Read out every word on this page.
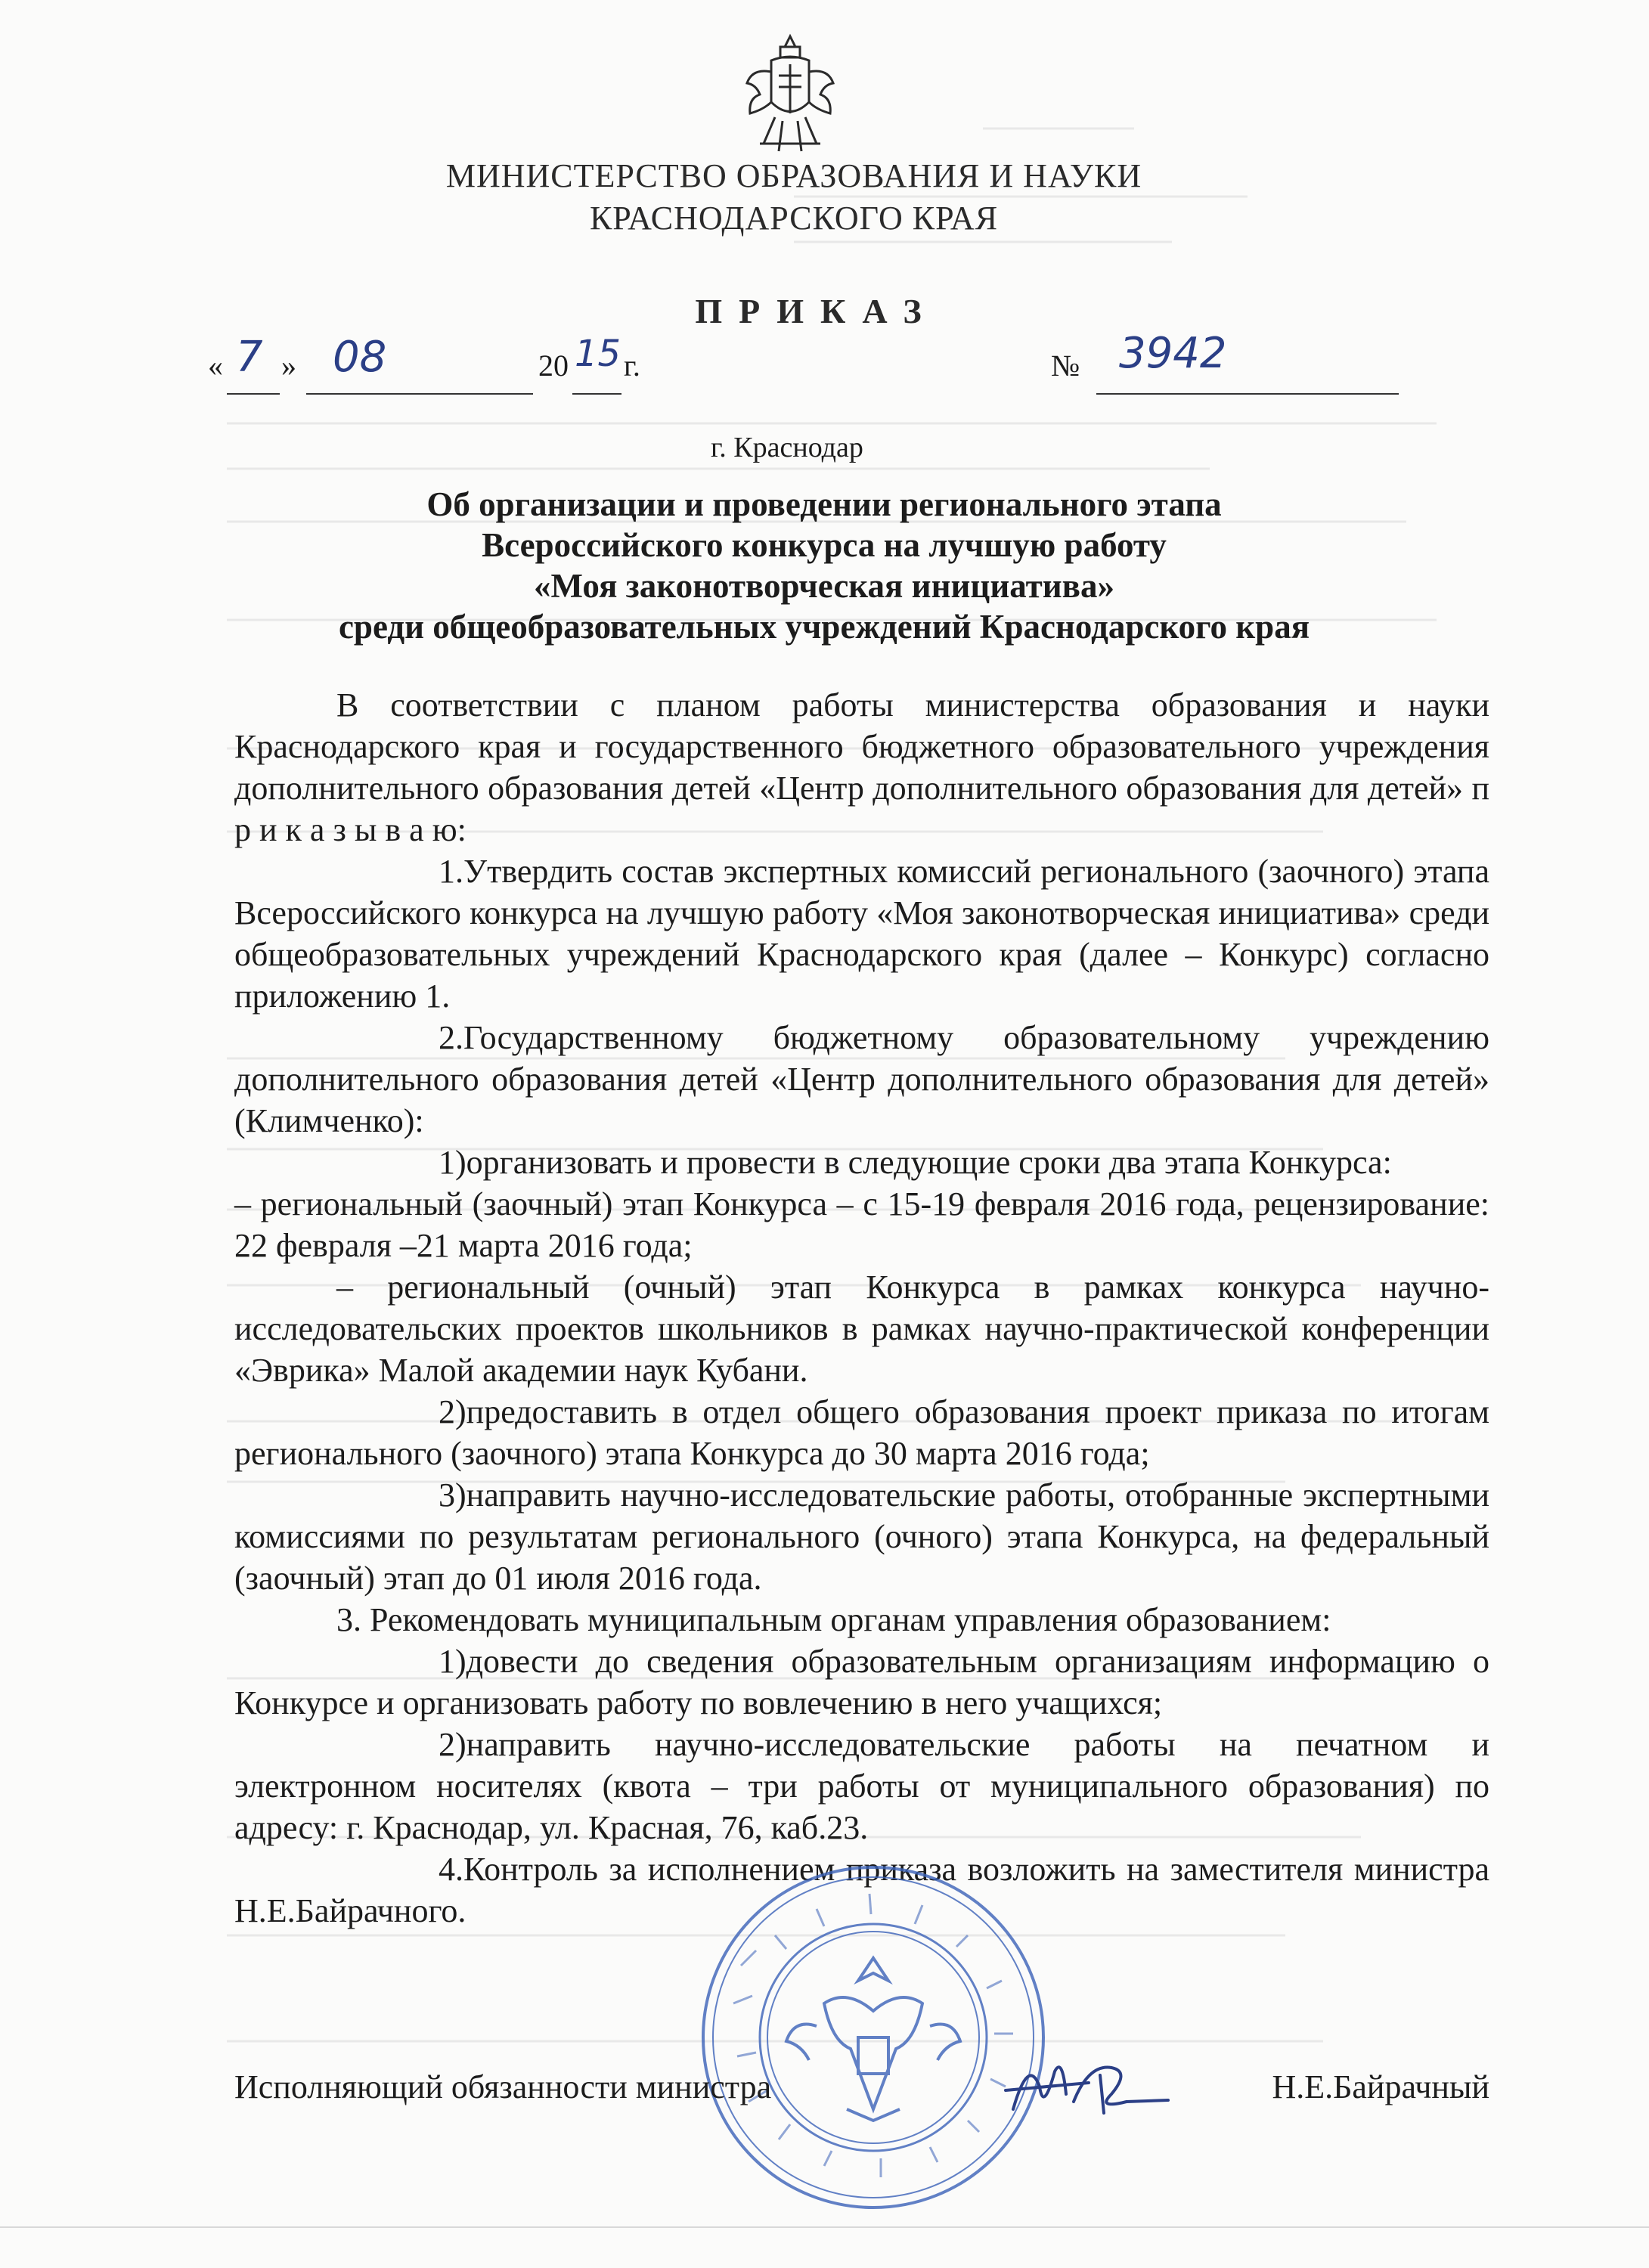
МИНИСТЕРСТВО ОБРАЗОВАНИЯ И НАУКИ
КРАСНОДАРСКОГО КРАЯ
ПРИКАЗ
« 7 » 08	20 15 г.	№ 3942
г. Краснодар
Об организации и проведении регионального этапа
Всероссийского конкурса на лучшую работу
«Моя законотворческая инициатива»
среди общеобразовательных учреждений Краснодарского края

В соответствии с планом работы министерства образования и науки Краснодарского края и государственного бюджетного образовательного учреждения дополнительного образования детей «Центр дополнительного образования для детей» п р и к а з ы в а ю:

1.Утвердить состав экспертных комиссий регионального (заочного) этапа Всероссийского конкурса на лучшую работу «Моя законотворческая инициатива» среди общеобразовательных учреждений Краснодарского края (далее – Конкурс) согласно приложению 1.

2.Государственному бюджетному образовательному учреждению дополнительного образования детей «Центр дополнительного образования для детей» (Климченко):

1)организовать и провести в следующие сроки два этапа Конкурса:

– региональный (заочный) этап Конкурса – с 15-19 февраля 2016 года, рецензирование: 22 февраля –21 марта 2016 года;

– региональный (очный) этап Конкурса в рамках конкурса научно-исследовательских проектов школьников в рамках научно-практической конференции «Эврика» Малой академии наук Кубани.

2)предоставить в отдел общего образования проект приказа по итогам регионального (заочного) этапа Конкурса до 30 марта 2016 года;

3)направить научно-исследовательские работы, отобранные экспертными комиссиями по результатам регионального (очного) этапа Конкурса, на федеральный (заочный) этап до 01 июля 2016 года.

3. Рекомендовать муниципальным органам управления образованием:

1)довести до сведения образовательным организациям информацию о Конкурсе и организовать работу по вовлечению в него учащихся;

2)направить научно-исследовательские работы на печатном и электронном носителях (квота – три работы от муниципального образования) по адресу: г. Краснодар, ул. Красная, 76, каб.23.

4.Контроль за исполнением приказа возложить на заместителя министра Н.Е.Байрачного.

Исполняющий обязанности министра	Н.Е.Байрачный
